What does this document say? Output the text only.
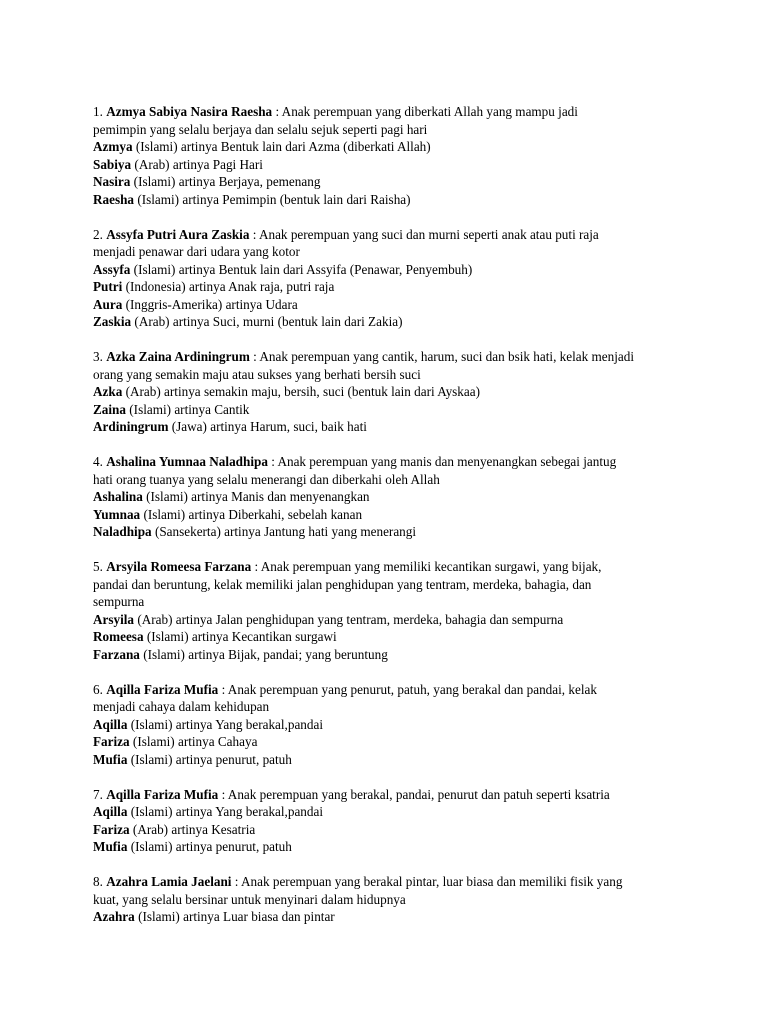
1. Azmya Sabiya Nasira Raesha : Anak perempuan yang diberkati Allah yang mampu jadi
pemimpin yang selalu berjaya dan selalu sejuk seperti pagi hari
Azmya (Islami) artinya Bentuk lain dari Azma (diberkati Allah)
Sabiya (Arab) artinya Pagi Hari
Nasira (Islami) artinya Berjaya, pemenang
Raesha (Islami) artinya Pemimpin (bentuk lain dari Raisha)
2. Assyfa Putri Aura Zaskia : Anak perempuan yang suci dan murni seperti anak atau puti raja
menjadi penawar dari udara yang kotor
Assyfa (Islami) artinya Bentuk lain dari Assyifa (Penawar, Penyembuh)
Putri (Indonesia) artinya Anak raja, putri raja
Aura (Inggris-Amerika) artinya Udara
Zaskia (Arab) artinya Suci, murni (bentuk lain dari Zakia)
3. Azka Zaina Ardiningrum : Anak perempuan yang cantik, harum, suci dan bsik hati, kelak menjadi
orang yang semakin maju atau sukses yang berhati bersih suci
Azka (Arab) artinya semakin maju, bersih, suci (bentuk lain dari Ayskaa)
Zaina (Islami) artinya Cantik
Ardiningrum (Jawa) artinya Harum, suci, baik hati
4. Ashalina Yumnaa Naladhipa : Anak perempuan yang manis dan menyenangkan sebegai jantug
hati orang tuanya yang selalu menerangi dan diberkahi oleh Allah
Ashalina (Islami) artinya Manis dan menyenangkan
Yumnaa (Islami) artinya Diberkahi, sebelah kanan
Naladhipa (Sansekerta) artinya Jantung hati yang menerangi
5. Arsyila Romeesa Farzana : Anak perempuan yang memiliki kecantikan surgawi, yang bijak,
pandai dan beruntung, kelak memiliki jalan penghidupan yang tentram, merdeka, bahagia, dan
sempurna
Arsyila (Arab) artinya Jalan penghidupan yang tentram, merdeka, bahagia dan sempurna
Romeesa (Islami) artinya Kecantikan surgawi
Farzana (Islami) artinya Bijak, pandai; yang beruntung
6. Aqilla Fariza Mufia : Anak perempuan yang penurut, patuh, yang berakal dan pandai, kelak
menjadi cahaya dalam kehidupan
Aqilla (Islami) artinya Yang berakal,pandai
Fariza (Islami) artinya Cahaya
Mufia (Islami) artinya penurut, patuh
7. Aqilla Fariza Mufia : Anak perempuan yang berakal, pandai, penurut dan patuh seperti ksatria
Aqilla (Islami) artinya Yang berakal,pandai
Fariza (Arab) artinya Kesatria
Mufia (Islami) artinya penurut, patuh
8. Azahra Lamia Jaelani : Anak perempuan yang berakal pintar, luar biasa dan memiliki fisik yang
kuat, yang selalu bersinar untuk menyinari dalam hidupnya
Azahra (Islami) artinya Luar biasa dan pintar
